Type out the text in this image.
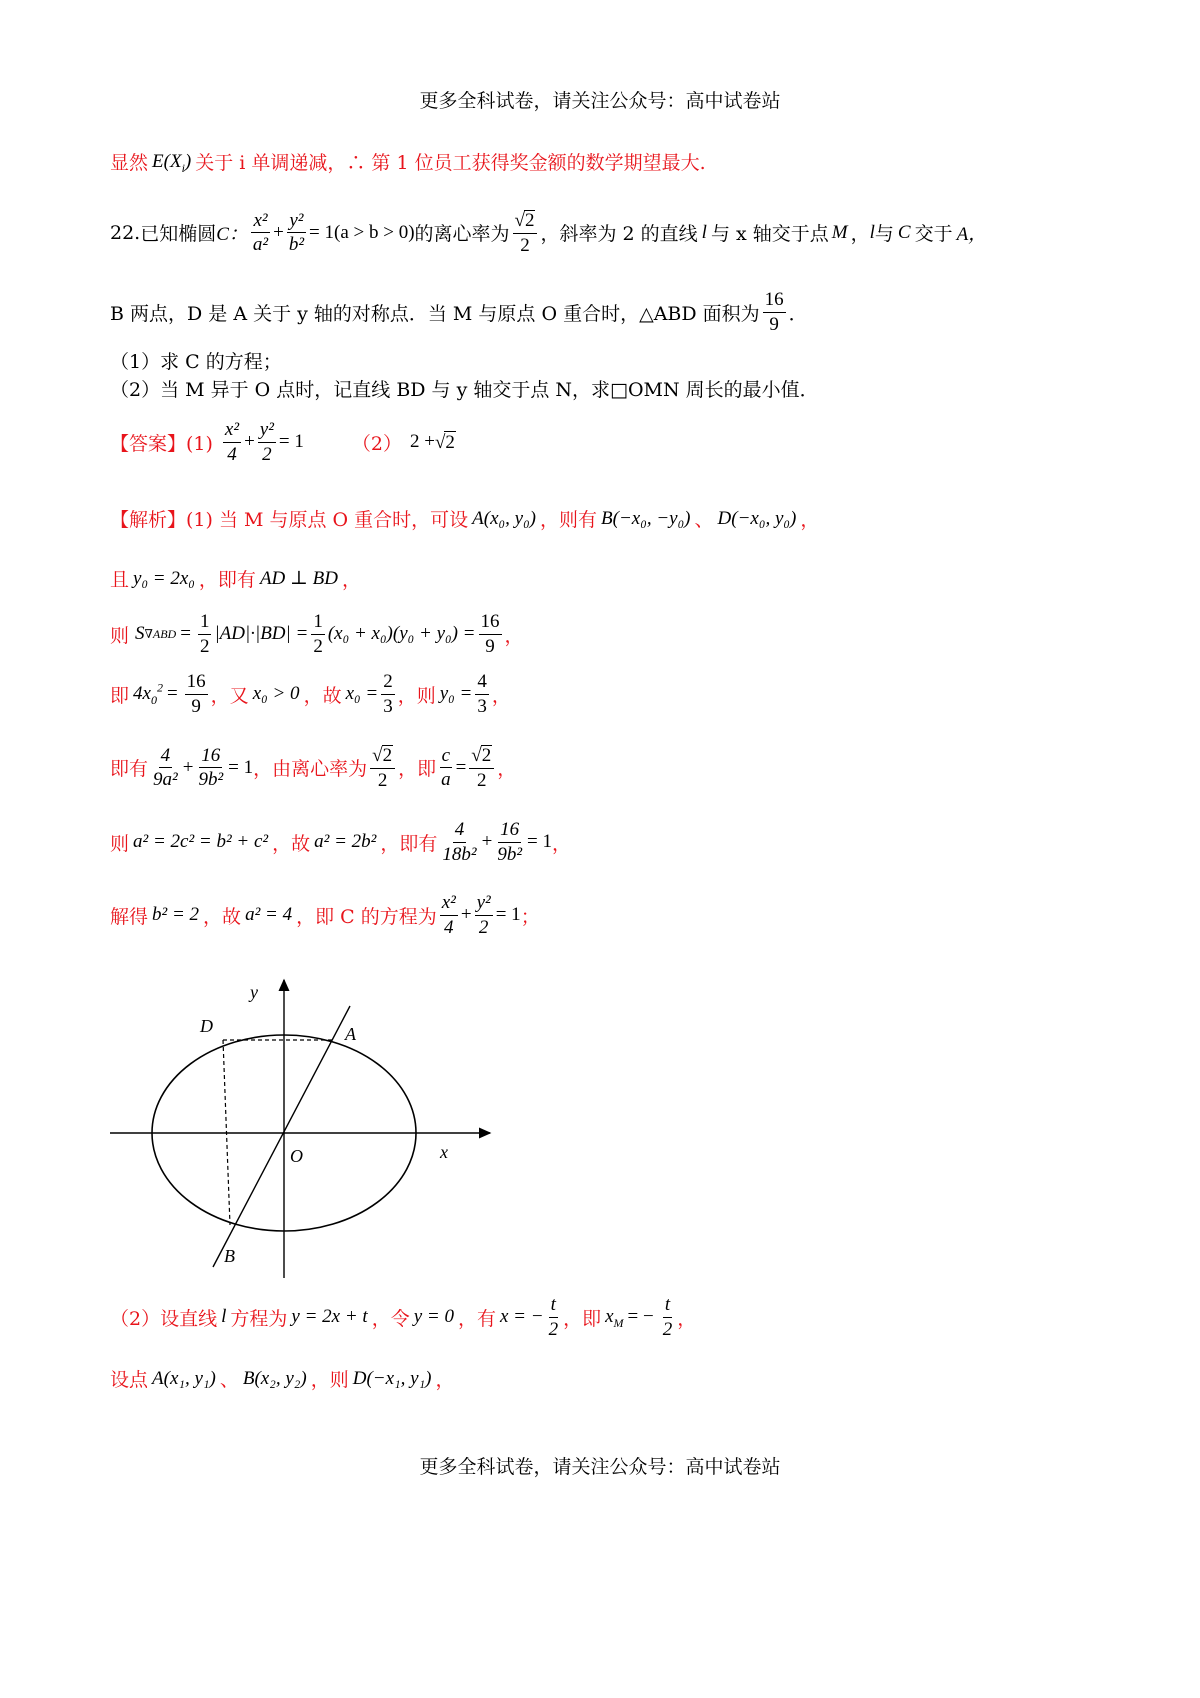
更多全科试卷，请关注公众号：高中试卷站
显然 $E(X_i)$ 关于 i 单调递减，∴ 第 1 位员工获得奖金额的数学期望最大.
22. 已知椭圆 C： $\frac{\text{x²}}{\text{a²}} + \frac{\text{y²}}{\text{b²}} = 1(a > b > 0)$ 的离心率为 $\frac{√ 2}{2}$ ，斜率为 2 的直线 l 与 x 轴交于点 M ， l 与 C 交于 A，
B 两点，D 是 A 关于 y 轴的对称点．当 M 与原点 O 重合时，△ABD 面积为 $\frac{16}{9}$ ．
（1）求 C 的方程；
（2）当 M 异于 O 点时，记直线 BD 与 y 轴交于点 N，求□OMN 周长的最小值．
【答案】$(1) \frac{\text{x²}}{4} + \frac{\text{y²}}{2} = 1$	（2） 2 + √ 2
【解析】 (1) 当 M 与原点 O 重合时，可设 A(x₀, y₀) ，则有 B(−x₀, −y₀) 、 D(−x₀, y₀) ，
且 y₀ = 2x₀ ，即有 AD ⊥ BD ，
则 S $\nabla ABD = \frac{1}{2} |AD|\cdot|BD| = \frac{1}{2} (x_0 + x_0)(y_0 + y_0) = \frac{16}{9}$ ，
即 $4x_0^2 = \frac{16}{9}$ ，又 x₀ > 0 ，故 $x_0 = \frac{2}{3}$ ，则 $y_0 = \frac{4}{3}$ ，
即有 $\frac{4}{\text{9a²}} + \frac{16}{\text{9b²}} = 1$ ，由离心率为 $\frac{√ 2}{2}$ ，即 $\frac{c}{a} = \frac{√ 2}{2}$ ，
则 a² = 2c² = b² + c² ，故 a² = 2b² ，即有 $\frac{4}{\text{18b²}} + \frac{16}{\text{9b²}} = 1$ ，
解得 b² = 2 ，故 a² = 4 ，即 C 的方程为 $\frac{\text{x²}}{4} + \frac{\text{y²}}{2} = 1$ ；
y
x
O
A
B
D
（2）设直线 l 方程为 y = 2x + t ，令 y = 0 ，有 x = − $\frac{t}{2}$ ，即 $x_M$ = − $\frac{t}{2}$ ，
设点 A(x₁, y₁) 、 B(x₂, y₂) ，则 D(−x₁, y₁) ，
更多全科试卷，请关注公众号：高中试卷站
